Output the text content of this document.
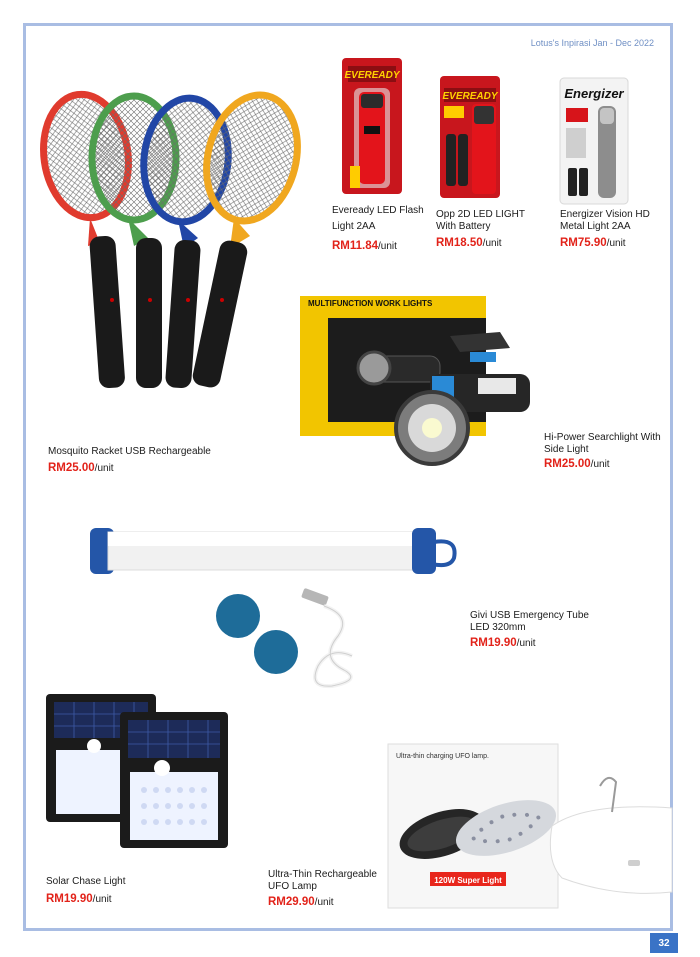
Lotus's Inpirasi Jan - Dec 2022
EVEREADY
Eveready LED Flash
Light 2AA
RM11.84/unit
EVEREADY
Opp 2D LED LIGHT
With Battery
RM18.50/unit
Energizer
Energizer Vision HD
Metal Light 2AA
RM75.90/unit
Mosquito Racket USB Rechargeable
RM25.00/unit
MULTIFUNCTION WORK LIGHTS
Hi-Power Searchlight With
Side Light
RM25.00/unit
Givi USB Emergency Tube
LED 320mm
RM19.90/unit
Solar Chase Light
RM19.90/unit
Ultra-thin charging UFO lamp.
120W Super Light
Ultra-Thin Rechargeable
UFO Lamp
RM29.90/unit
32
